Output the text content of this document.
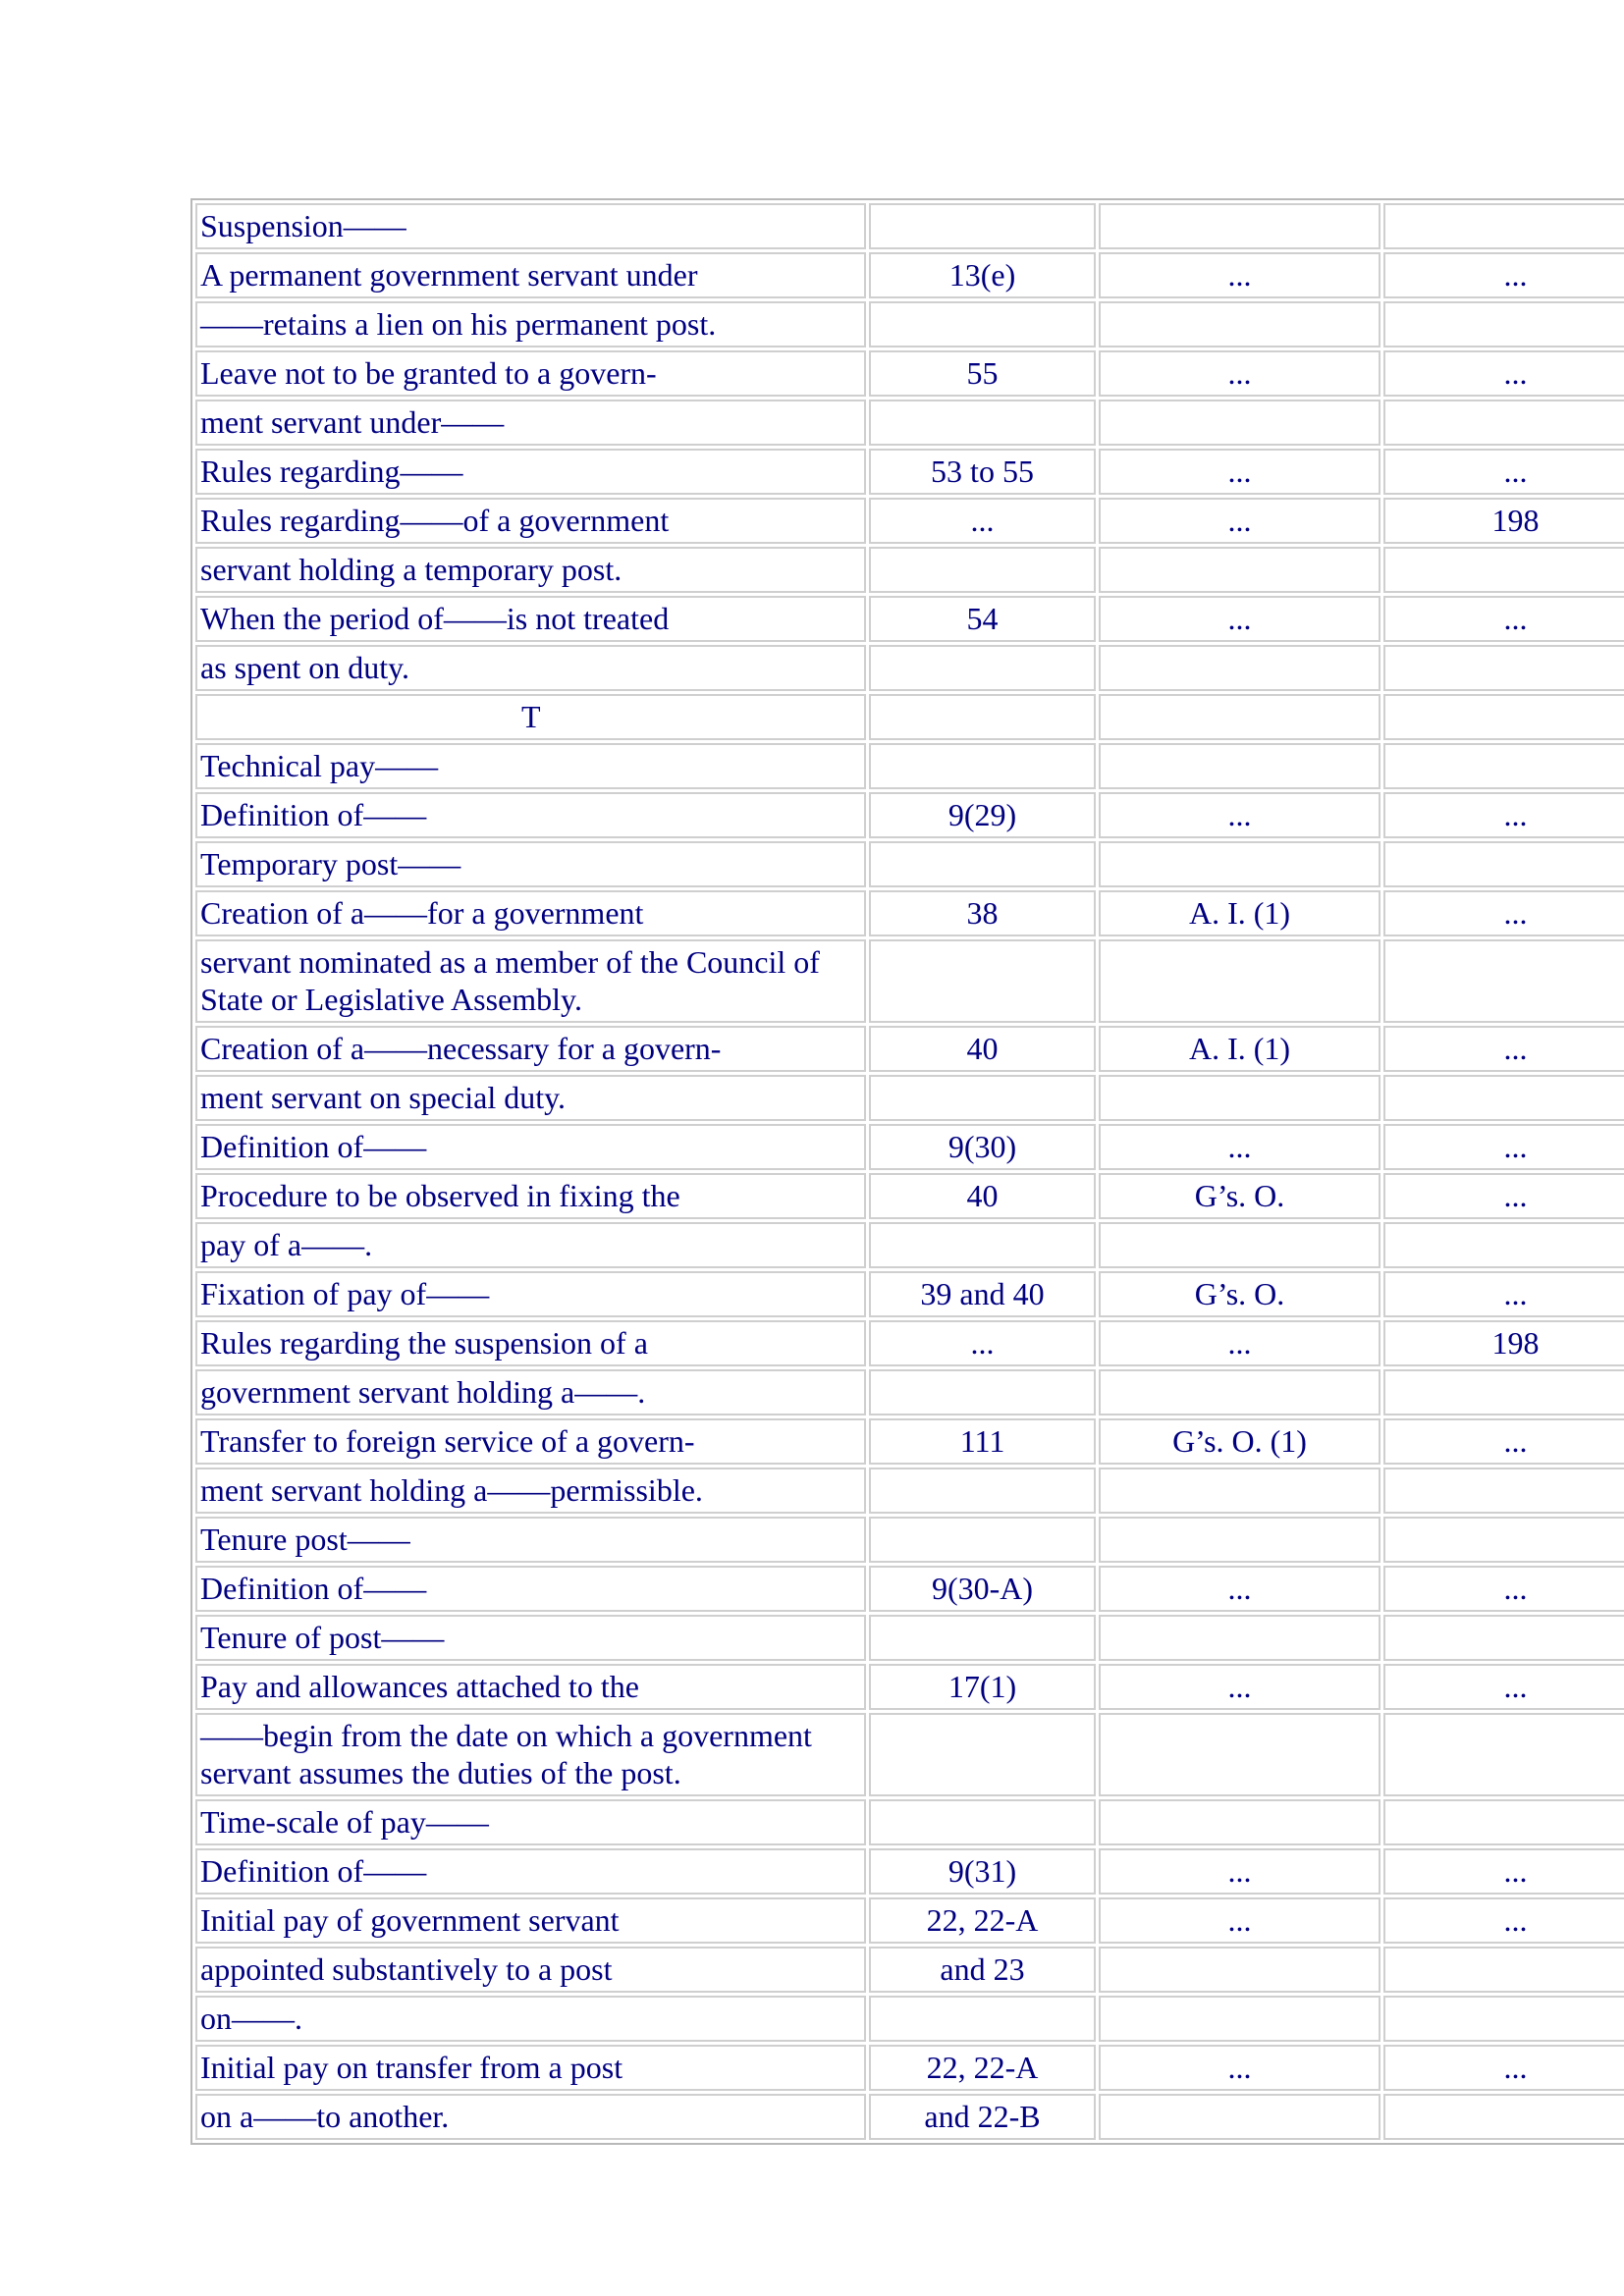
Suspension——			
A permanent government servant under	13(e)	...	...
——retains a lien on his permanent post.			
Leave not to be granted to a govern-	55	...	...
ment servant under——			
Rules regarding——	53 to 55	...	...
Rules regarding——of a government	...	...	198
servant holding a temporary post.			
When the period of——is not treated	54	...	...
as spent on duty.			
T			
Technical pay——			
Definition of——	9(29)	...	...
Temporary post——			
Creation of a——for a government	38	A. I. (1)	...
servant nominated as a member of the Council of State or Legislative Assembly.			
Creation of a——necessary for a govern-	40	A. I. (1)	...
ment servant on special duty.			
Definition of——	9(30)	...	...
Procedure to be observed in fixing the	40	G’s. O.	...
pay of a——.			
Fixation of pay of——	39 and 40	G’s. O.	...
Rules regarding the suspension of a	...	...	198
government servant holding a——.			
Transfer to foreign service of a govern-	111	G’s. O. (1)	...
ment servant holding a——permissible.			
Tenure post——			
Definition of——	9(30-A)	...	...
Tenure of post——			
Pay and allowances attached to the	17(1)	...	...
——begin from the date on which a government servant assumes the duties of the post.			
Time-scale of pay——			
Definition of——	9(31)	...	...
Initial pay of government servant	22, 22-A	...	...
appointed substantively to a post	and 23		
on——.			
Initial pay on transfer from a post	22, 22-A	...	...
on a——to another.	and 22-B		
